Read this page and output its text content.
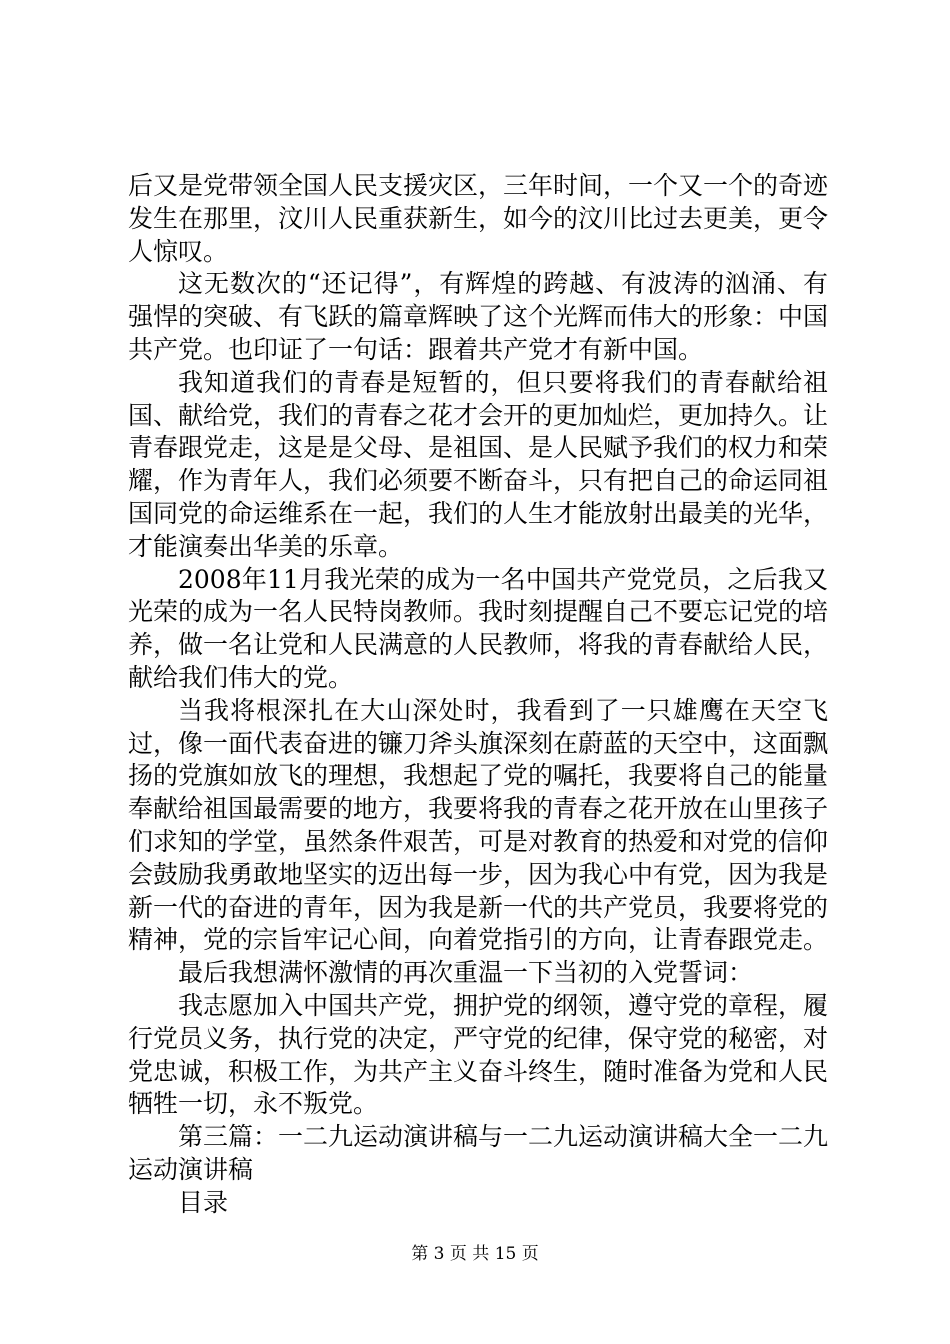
后又是党带领全国人民支援灾区，三年时间，一个又一个的奇迹发生在那里，汶川人民重获新生，如今的汶川比过去更美，更令人惊叹。

这无数次的“还记得”，有辉煌的跨越、有波涛的汹涌、有强悍的突破、有飞跃的篇章辉映了这个光辉而伟大的形象：中国共产党。也印证了一句话：跟着共产党才有新中国。

我知道我们的青春是短暂的，但只要将我们的青春献给祖国、献给党，我们的青春之花才会开的更加灿烂，更加持久。让青春跟党走，这是是父母、是祖国、是人民赋予我们的权力和荣耀，作为青年人，我们必须要不断奋斗，只有把自己的命运同祖国同党的命运维系在一起，我们的人生才能放射出最美的光华，才能演奏出华美的乐章。

2008年11月我光荣的成为一名中国共产党党员，之后我又光荣的成为一名人民特岗教师。我时刻提醒自己不要忘记党的培养，做一名让党和人民满意的人民教师，将我的青春献给人民，献给我们伟大的党。

当我将根深扎在大山深处时，我看到了一只雄鹰在天空飞过，像一面代表奋进的镰刀斧头旗深刻在蔚蓝的天空中，这面飘扬的党旗如放飞的理想，我想起了党的嘱托，我要将自己的能量奉献给祖国最需要的地方，我要将我的青春之花开放在山里孩子们求知的学堂，虽然条件艰苦，可是对教育的热爱和对党的信仰会鼓励我勇敢地坚实的迈出每一步，因为我心中有党，因为我是新一代的奋进的青年，因为我是新一代的共产党员，我要将党的精神，党的宗旨牢记心间，向着党指引的方向，让青春跟党走。

最后我想满怀激情的再次重温一下当初的入党誓词：

我志愿加入中国共产党，拥护党的纲领，遵守党的章程，履行党员义务，执行党的决定，严守党的纪律，保守党的秘密，对党忠诚，积极工作，为共产主义奋斗终生，随时准备为党和人民牺牲一切，永不叛党。

第三篇：一二九运动演讲稿与一二九运动演讲稿大全一二九运动演讲稿

目录

第 3 页 共 15 页
